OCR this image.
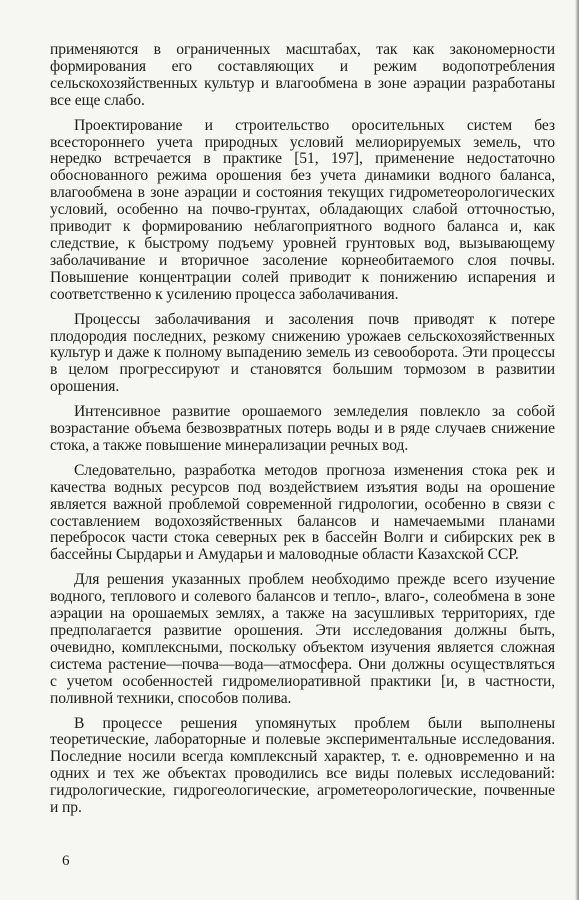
применяются в ограниченных масштабах, так как закономерности формирования его составляющих и режим водопотребления сельскохозяйственных культур и влагообмена в зоне аэрации разработаны все еще слабо.

Проектирование и строительство оросительных систем без всестороннего учета природных условий мелиорируемых земель, что нередко встречается в практике [51, 197], применение недостаточно обоснованного режима орошения без учета динамики водного баланса, влагообмена в зоне аэрации и состояния текущих гидрометеорологических условий, особенно на почво-грунтах, обладающих слабой отточностью, приводит к формированию неблагоприятного водного баланса и, как следствие, к быстрому подъему уровней грунтовых вод, вызывающему заболачивание и вторичное засоление корнеобитаемого слоя почвы. Повышение концентрации солей приводит к понижению испарения и соответственно к усилению процесса заболачивания.

Процессы заболачивания и засоления почв приводят к потере плодородия последних, резкому снижению урожаев сельскохозяйственных культур и даже к полному выпадению земель из севооборота. Эти процессы в целом прогрессируют и становятся большим тормозом в развитии орошения.

Интенсивное развитие орошаемого земледелия повлекло за собой возрастание объема безвозвратных потерь воды и в ряде случаев снижение стока, а также повышение минерализации речных вод.

Следовательно, разработка методов прогноза изменения стока рек и качества водных ресурсов под воздействием изъятия воды на орошение является важной проблемой современной гидрологии, особенно в связи с составлением водохозяйственных балансов и намечаемыми планами перебросок части стока северных рек в бассейн Волги и сибирских рек в бассейны Сырдарьи и Амударьи и маловодные области Казахской ССР.

Для решения указанных проблем необходимо прежде всего изучение водного, теплового и солевого балансов и тепло-, влаго-, солеобмена в зоне аэрации на орошаемых землях, а также на засушливых территориях, где предполагается развитие орошения. Эти исследования должны быть, очевидно, комплексными, поскольку объектом изучения является сложная система растение—почва—вода—атмосфера. Они должны осуществляться с учетом особенностей гидромелиоративной практики [и, в частности, поливной техники, способов полива.

В процессе решения упомянутых проблем были выполнены теоретические, лабораторные и полевые экспериментальные исследования. Последние носили всегда комплексный характер, т. е. одновременно и на одних и тех же объектах проводились все виды полевых исследований: гидрологические, гидрогеологические, агрометеорологические, почвенные и пр.

6
